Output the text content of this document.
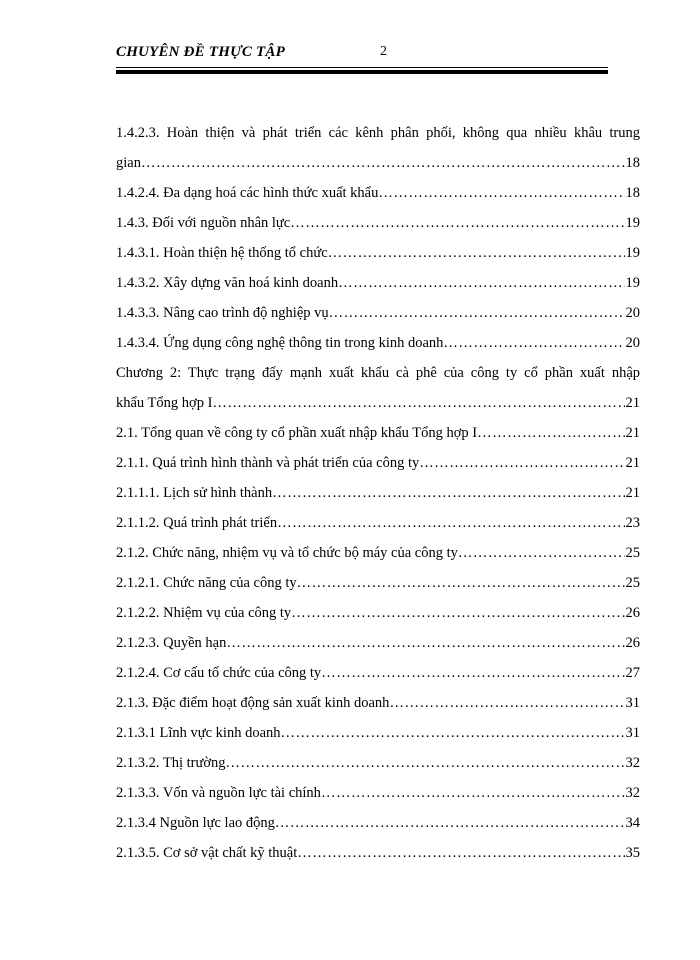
CHUYÊN ĐỀ THỰC TẬP	2
1.4.2.3. Hoàn thiện và phát triển các kênh phân phối, không qua nhiều khâu trung
gian ……………………………………………………………………………………………………………………………………	18
1.4.2.4. Đa dạng hoá các hình thức xuất khẩu ……………………………………………………………………………………………………………………………………	18
1.4.3. Đối với nguồn nhân lực ……………………………………………………………………………………………………………………………………	19
1.4.3.1. Hoàn thiện hệ thống tổ chức ……………………………………………………………………………………………………………………………………	19
1.4.3.2. Xây dựng văn hoá kinh doanh ……………………………………………………………………………………………………………………………………	19
1.4.3.3. Nâng cao trình độ nghiệp vụ ……………………………………………………………………………………………………………………………………	20
1.4.3.4. Ứng dụng công nghệ thông tin trong kinh doanh ……………………………………………………………………………………………………………………………………	20
Chương 2: Thực trạng đẩy mạnh xuất khẩu cà phê của công ty cổ phần xuất nhập
khẩu Tổng hợp I ……………………………………………………………………………………………………………………………………	21
2.1. Tổng quan về công ty cổ phần xuất nhập khẩu Tổng hợp I ……………………………………………………………………………………………………………………………………	21
2.1.1. Quá trình hình thành và phát triển của công ty ……………………………………………………………………………………………………………………………………	21
2.1.1.1. Lịch sử hình thành ……………………………………………………………………………………………………………………………………	21
2.1.1.2. Quá trình phát triển ……………………………………………………………………………………………………………………………………	23
2.1.2. Chức năng, nhiệm vụ và tổ chức bộ máy của công ty ……………………………………………………………………………………………………………………………………	25
2.1.2.1. Chức năng của công ty ……………………………………………………………………………………………………………………………………	25
2.1.2.2. Nhiệm vụ của công ty ……………………………………………………………………………………………………………………………………	26
2.1.2.3. Quyền hạn ……………………………………………………………………………………………………………………………………	26
2.1.2.4. Cơ cấu tổ chức của công ty ……………………………………………………………………………………………………………………………………	27
2.1.3. Đặc điểm hoạt động sản xuất kinh doanh ……………………………………………………………………………………………………………………………………	31
2.1.3.1 Lĩnh vực kinh doanh ……………………………………………………………………………………………………………………………………	31
2.1.3.2. Thị trường ……………………………………………………………………………………………………………………………………	32
2.1.3.3. Vốn và nguồn lực tài chính ……………………………………………………………………………………………………………………………………	32
2.1.3.4 Nguồn lực lao động ……………………………………………………………………………………………………………………………………	34
2.1.3.5. Cơ sở vật chất kỹ thuật ……………………………………………………………………………………………………………………………………	35
